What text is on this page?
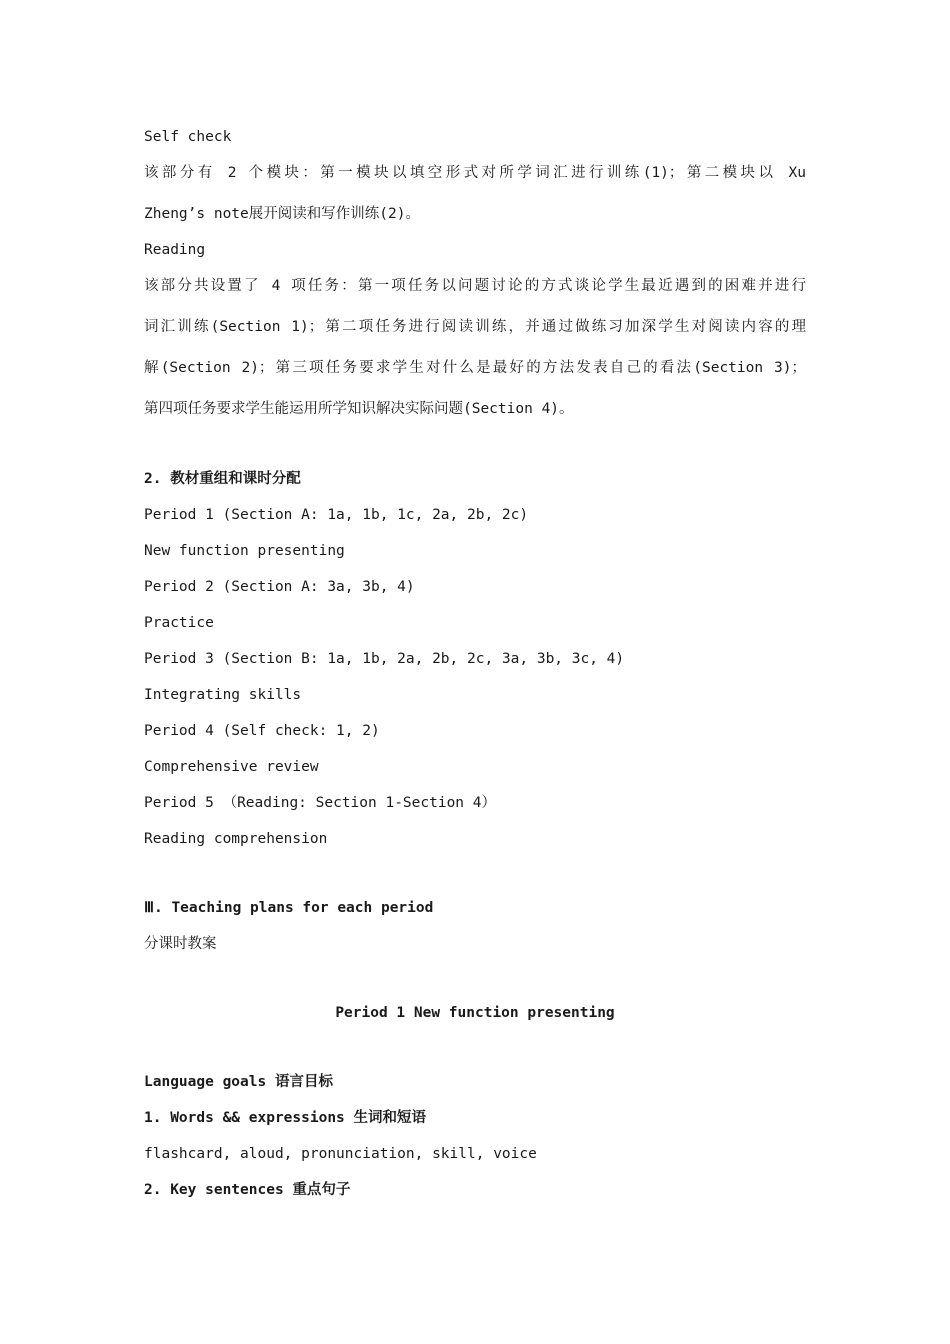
Self check
该部分有 2 个模块：第一模块以填空形式对所学词汇进行训练(1)；第二模块以 Xu
Zheng’s note展开阅读和写作训练(2)。
Reading
该部分共设置了 4 项任务：第一项任务以问题讨论的方式谈论学生最近遇到的困难并进行
词汇训练(Section 1)；第二项任务进行阅读训练，并通过做练习加深学生对阅读内容的理
解(Section 2)；第三项任务要求学生对什么是最好的方法发表自己的看法(Section 3)；
第四项任务要求学生能运用所学知识解决实际问题(Section 4)。
2. 教材重组和课时分配
Period 1 (Section A: 1a, 1b, 1c, 2a, 2b, 2c)
New function presenting
Period 2 (Section A: 3a, 3b, 4)
Practice
Period 3 (Section B: 1a, 1b, 2a, 2b, 2c, 3a, 3b, 3c, 4)
Integrating skills
Period 4 (Self check: 1, 2)
Comprehensive review
Period 5 （Reading: Section 1-Section 4）
Reading comprehension
Ⅲ. Teaching plans for each period
分课时教案
Period 1 New function presenting
Language goals 语言目标
1. Words && expressions 生词和短语
flashcard, aloud, pronunciation, skill, voice
2. Key sentences 重点句子
